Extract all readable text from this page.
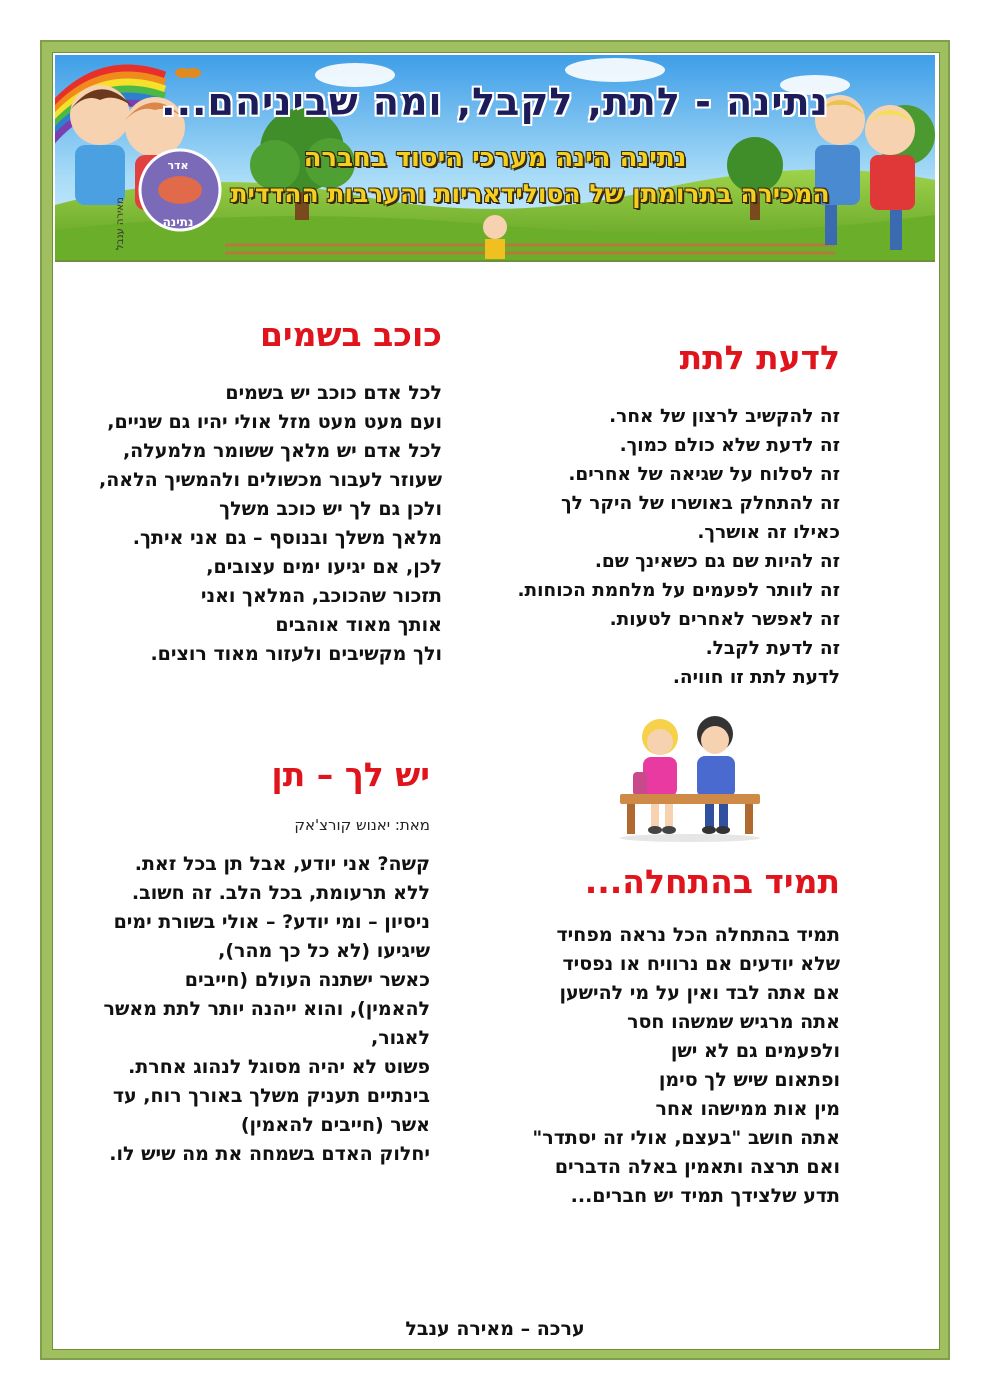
נתינה - לתת, לקבל, ומה שביניהם...
נתינה הינה מערכי היסוד בחברה
המכירה בתרומתן של הסולידאריות והערבות ההדדית
אדר
נתינה
מאירה ענבל
לדעת לתת
זה להקשיב לרצון של אחר.
זה לדעת שלא כולם כמוך.
זה לסלוח על שגיאה של אחרים.
זה להתחלק באושרו של היקר לך
כאילו זה אושרך.
זה להיות שם גם כשאינך שם.
זה לוותר לפעמים על מלחמת הכוחות.
זה לאפשר לאחרים לטעות.
זה לדעת לקבל.
לדעת לתת זו חוויה.
תמיד בהתחלה...
תמיד בהתחלה הכל נראה מפחיד
שלא יודעים אם נרוויח או נפסיד
אם אתה לבד ואין על מי להישען
אתה מרגיש שמשהו חסר
ולפעמים גם לא ישן
ופתאום שיש לך סימן
מין אות ממישהו אחר
אתה חושב "בעצם, אולי זה יסתדר"
ואם תרצה ותאמין באלה הדברים
תדע שלצידך תמיד יש חברים...
כוכב בשמים
לכל אדם כוכב יש בשמים
ועם מעט מעט מזל אולי יהיו גם שניים,
לכל אדם יש מלאך ששומר מלמעלה,
שעוזר לעבור מכשולים ולהמשיך הלאה,
ולכן גם לך יש כוכב משלך
מלאך משלך ובנוסף – גם אני איתך.
לכן, אם יגיעו ימים עצובים,
תזכור שהכוכב, המלאך ואני
אותך מאוד אוהבים
ולך מקשיבים ולעזור מאוד רוצים.
יש לך – תן
מאת: יאנוש קורצ'אק
קשה? אני יודע, אבל תן בכל זאת.
ללא תרעומת, בכל הלב. זה חשוב.
ניסיון – ומי יודע? – אולי בשורת ימים שיגיעו (לא כל כך מהר),
כאשר ישתנה העולם (חייבים להאמין), והוא ייהנה יותר לתת מאשר לאגור,
פשוט לא יהיה מסוגל לנהוג אחרת.
בינתיים תעניק משלך באורך רוח, עד אשר (חייבים להאמין)
יחלוק האדם בשמחה את מה שיש לו.
ערכה – מאירה ענבל
